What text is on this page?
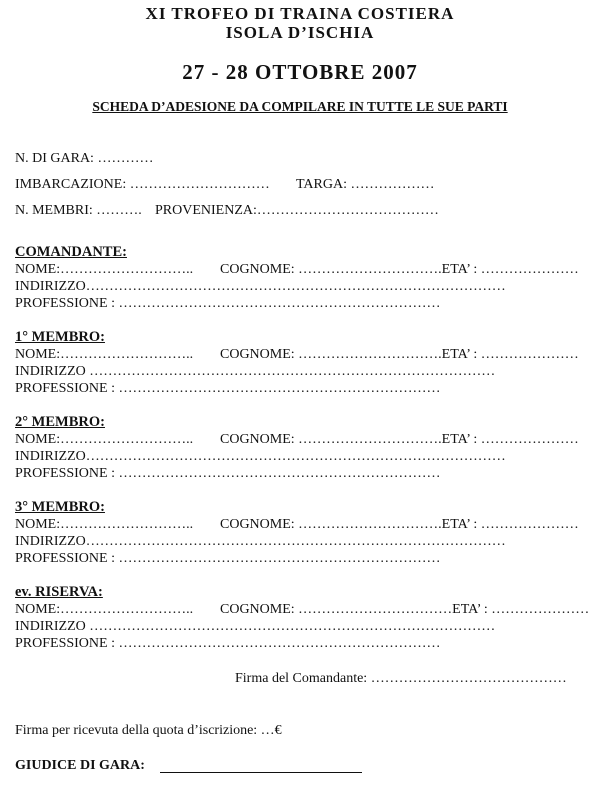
XI TROFEO DI TRAINA COSTIERA
ISOLA D’ISCHIA
27 - 28 OTTOBRE 2007
SCHEDA D’ADESIONE DA COMPILARE IN TUTTE LE SUE PARTI
N. DI GARA: …………
IMBARCAZIONE: ………………………… TARGA: ………………
N. MEMBRI: ………. PROVENIENZA:…………………………………
COMANDANTE:
NOME:……………………….. COGNOME: ………………………….ETA’ : …………………
INDIRIZZO………………………………………………………………………………
PROFESSIONE : ……………………………………………………………
1° MEMBRO:
NOME:……………………….. COGNOME: ………………………….ETA’ : …………………
INDIRIZZO ……………………………………………………………………………
PROFESSIONE : ……………………………………………………………
2° MEMBRO:
NOME:……………………….. COGNOME: ………………………….ETA’ : …………………
INDIRIZZO………………………………………………………………………………
PROFESSIONE : ……………………………………………………………
3° MEMBRO:
NOME:……………………….. COGNOME: ………………………….ETA’ : …………………
INDIRIZZO………………………………………………………………………………
PROFESSIONE : ……………………………………………………………
ev. RISERVA:
NOME:……………………….. COGNOME: ……………………………ETA’ : …………………
INDIRIZZO ……………………………………………………………………………
PROFESSIONE : ……………………………………………………………
Firma del Comandante: ……………………………………
Firma per ricevuta della quota d’iscrizione: …€
GIUDICE DI GARA:
